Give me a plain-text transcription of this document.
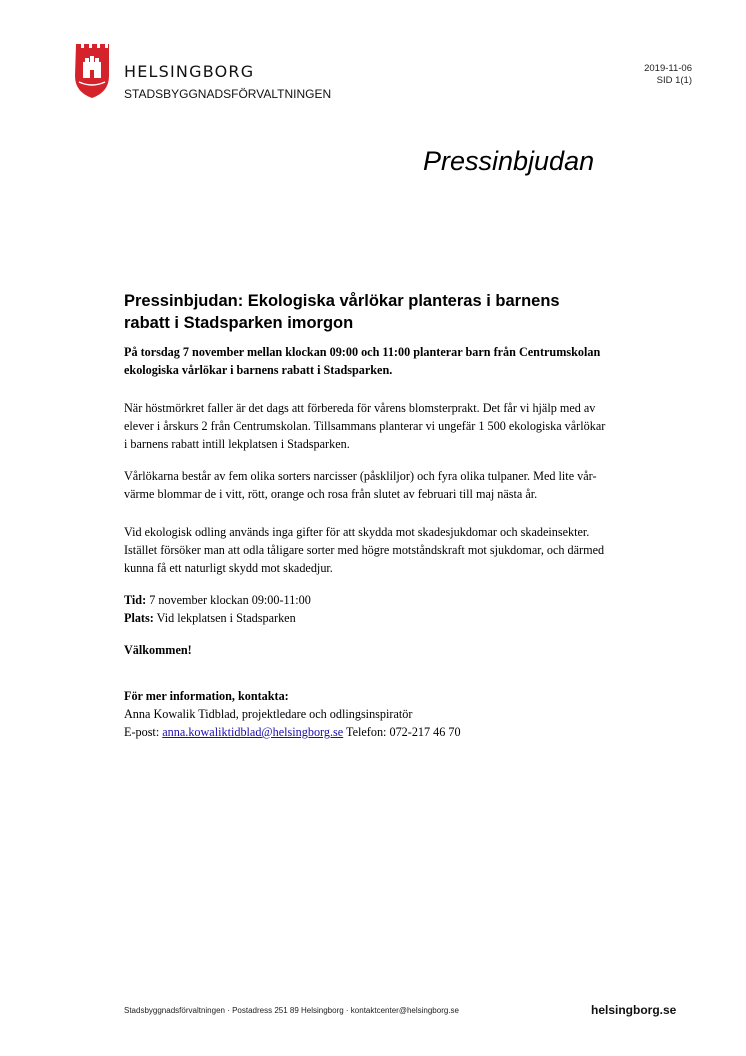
HELSINGBORG
STADSBYGGNADSFÖRVALTNINGEN
2019-11-06
SID 1(1)
Pressinbjudan
Pressinbjudan: Ekologiska vårlökar planteras i barnens
rabatt i Stadsparken imorgon

På torsdag 7 november mellan klockan 09:00 och 11:00 planterar barn från Centrumskolan
ekologiska vårlökar i barnens rabatt i Stadsparken.

När höstmörkret faller är det dags att förbereda för vårens blomsterprakt. Det får vi hjälp med av
elever i årskurs 2 från Centrumskolan. Tillsammans planterar vi ungefär 1 500 ekologiska vårlökar
i barnens rabatt intill lekplatsen i Stadsparken.

Vårlökarna består av fem olika sorters narcisser (påskliljor) och fyra olika tulpaner. Med lite vår-
värme blommar de i vitt, rött, orange och rosa från slutet av februari till maj nästa år.

Vid ekologisk odling används inga gifter för att skydda mot skadesjukdomar och skadeinsekter.
Istället försöker man att odla tåligare sorter med högre motståndskraft mot sjukdomar, och därmed
kunna få ett naturligt skydd mot skadedjur.

Tid: 7 november klockan 09:00-11:00
Plats: Vid lekplatsen i Stadsparken

Välkommen!

För mer information, kontakta:
Anna Kowalik Tidblad, projektledare och odlingsinspiratör
E-post: anna.kowaliktidblad@helsingborg.se Telefon: 072-217 46 70

Stadsbyggnadsförvaltningen · Postadress 251 89 Helsingborg · kontaktcenter@helsingborg.se	helsingborg.se
